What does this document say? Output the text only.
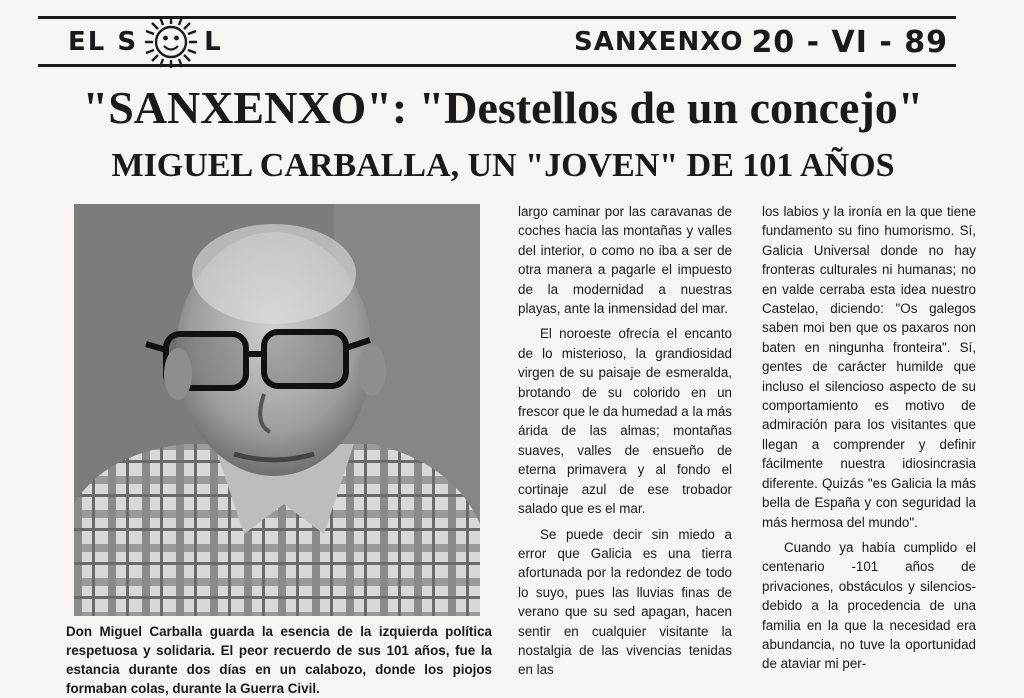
EL S	L	SANXENXO 20 - VI - 89
"SANXENXO": "Destellos de un concejo"
MIGUEL CARBALLA, UN "JOVEN" DE 101 AÑOS
Don Miguel Carballa guarda la esencia de la izquierda política respetuosa y solidaria. El peor recuerdo de sus 101 años, fue la estancia durante dos días en un calabozo, donde los piojos formaban colas, durante la Guerra Civil.

largo caminar por las caravanas de coches hacia las montañas y valles del interior, o como no iba a ser de otra manera a pagarle el impuesto de la modernidad a nuestras playas, ante la inmensidad del mar.

El noroeste ofrecía el encanto de lo misterioso, la grandiosidad virgen de su paisaje de esmeralda, brotando de su colorido en un frescor que le da humedad a la más árida de las almas; montañas suaves, valles de ensueño de eterna primavera y al fondo el cortinaje azul de ese trobador salado que es el mar.

Se puede decir sin miedo a error que Galicia es una tierra afortunada por la redondez de todo lo suyo, pues las lluvias finas de verano que su sed apagan, hacen sentir en cualquier visitante la nostalgia de las vivencias tenidas en las

los labios y la ironía en la que tiene fundamento su fino humorismo. Sí, Galicia Universal donde no hay fronteras culturales ni humanas; no en valde cerraba esta idea nuestro Castelao, diciendo: "Os galegos saben moi ben que os paxaros non baten en ningunha fronteira". Sí, gentes de carácter humilde que incluso el silencioso aspecto de su comportamiento es motivo de admiración para los visitantes que llegan a comprender y definir fácilmente nuestra idiosincrasia diferente. Quizás "es Galicia la más bella de España y con seguridad la más hermosa del mundo".

Cuando ya había cumplido el centenario -101 años de privaciones, obstáculos y silencios- debido a la procedencia de una familia en la que la necesidad era abundancia, no tuve la oportunidad de ataviar mi per-
